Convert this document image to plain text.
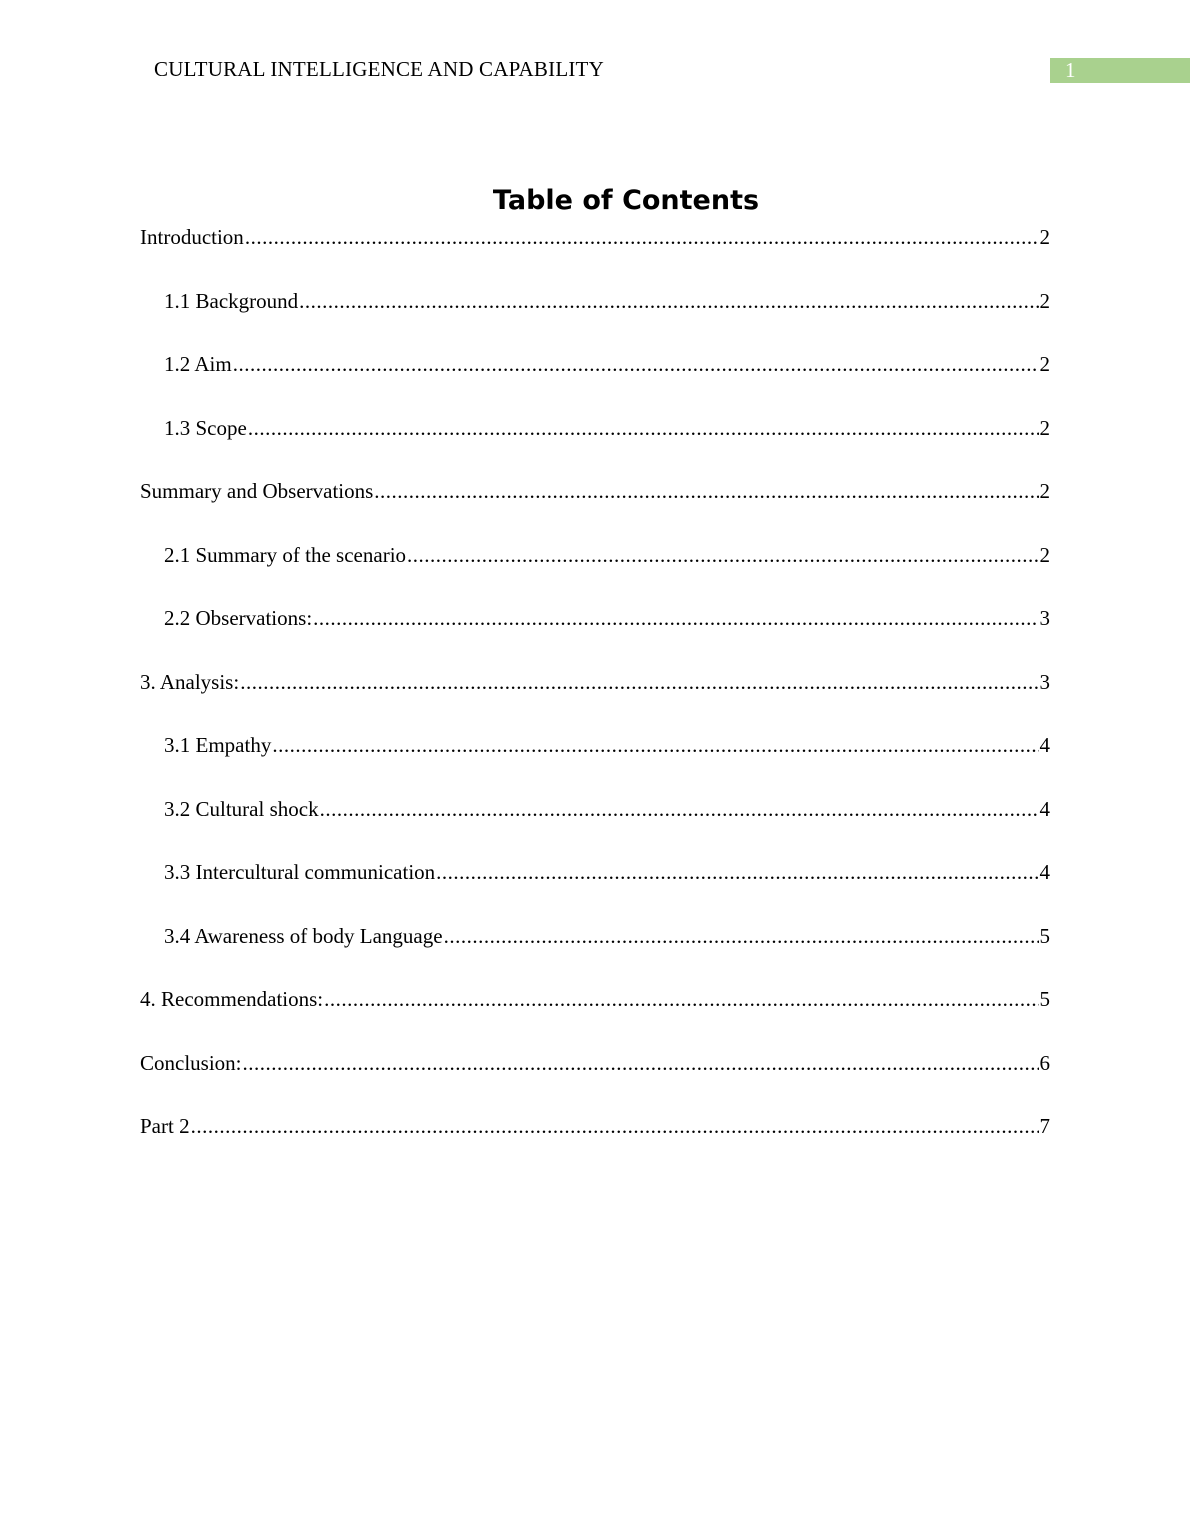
CULTURAL INTELLIGENCE AND CAPABILITY	1
Table of Contents
Introduction .....	2
1.1 Background .....	2
1.2 Aim .....	2
1.3 Scope .....	2
Summary and Observations .....	2
2.1 Summary of the scenario .....	2
2.2 Observations: .....	3
3. Analysis: .....	3
3.1 Empathy .....	4
3.2 Cultural shock .....	4
3.3 Intercultural communication .....	4
3.4 Awareness of body Language .....	5
4. Recommendations: .....	5
Conclusion: .....	6
Part 2 .....	7
